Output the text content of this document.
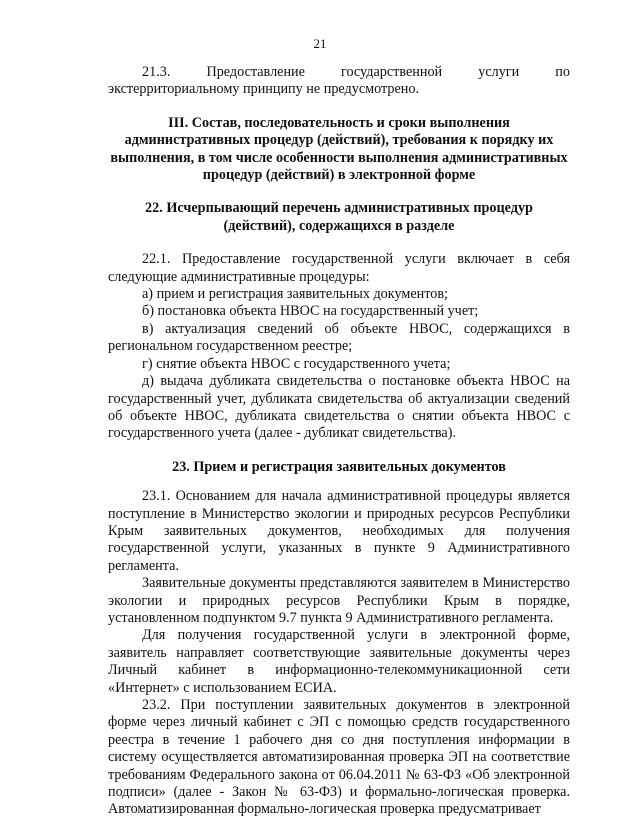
21

21.3. Предоставление государственной услуги по экстерриториальному принципу не предусмотрено.

III. Состав, последовательность и сроки выполнения административных процедур (действий), требования к порядку их выполнения, в том числе особенности выполнения административных процедур (действий) в электронной форме

22. Исчерпывающий перечень административных процедур (действий), содержащихся в разделе

22.1. Предоставление государственной услуги включает в себя следующие административные процедуры:

а) прием и регистрация заявительных документов;

б) постановка объекта НВОС на государственный учет;

в) актуализация сведений об объекте НВОС, содержащихся в региональном государственном реестре;

г) снятие объекта НВОС с государственного учета;

д) выдача дубликата свидетельства о постановке объекта НВОС на государственный учет, дубликата свидетельства об актуализации сведений об объекте НВОС, дубликата свидетельства о снятии объекта НВОС с государственного учета (далее - дубликат свидетельства).

23. Прием и регистрация заявительных документов

23.1. Основанием для начала административной процедуры является поступление в Министерство экологии и природных ресурсов Республики Крым заявительных документов, необходимых для получения государственной услуги, указанных в пункте 9 Административного регламента.

Заявительные документы представляются заявителем в Министерство экологии и природных ресурсов Республики Крым в порядке, установленном подпунктом 9.7 пункта 9 Административного регламента.

Для получения государственной услуги в электронной форме, заявитель направляет соответствующие заявительные документы через Личный кабинет в информационно-телекоммуникационной сети «Интернет» с использованием ЕСИА.

23.2. При поступлении заявительных документов в электронной форме через личный кабинет с ЭП с помощью средств государственного реестра в течение 1 рабочего дня со дня поступления информации в систему осуществляется автоматизированная проверка ЭП на соответствие требованиям Федерального закона от 06.04.2011 № 63-ФЗ «Об электронной подписи» (далее - Закон № 63-ФЗ) и формально-логическая проверка. Автоматизированная формально-логическая проверка предусматривает
